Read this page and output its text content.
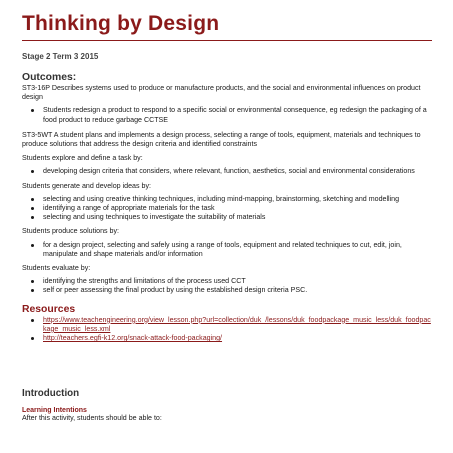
Thinking by Design
Stage 2 Term 3 2015
Outcomes:

ST3-16P Describes systems used to produce or manufacture products, and the social and environmental influences on product design

Students redesign a product to respond to a specific social or environmental consequence, eg redesign the packaging of a food product to reduce garbage CCTSE

ST3-5WT A student plans and implements a design process, selecting a range of tools, equipment, materials and techniques to produce solutions that address the design criteria and identified constraints

Students explore and define a task by:

developing design criteria that considers, where relevant, function, aesthetics, social and environmental considerations

Students generate and develop ideas by:

selecting and using creative thinking techniques, including mind-mapping, brainstorming, sketching and modelling
identifying a range of appropriate materials for the task
selecting and using techniques to investigate the suitability of materials

Students produce solutions by:

for a design project, selecting and safely using a range of tools, equipment and related techniques to cut, edit, join, manipulate and shape materials and/or information

Students evaluate by:

identifying the strengths and limitations of the process used CCT
self or peer assessing the final product by using the established design criteria PSC.
Resources
https://www.teachengineering.org/view_lesson.php?url=collection/duk_/lessons/duk_foodpackage_music_less/duk_foodpackage_music_less.xml
http://teachers.egfi-k12.org/snack-attack-food-packaging/
Introduction
Learning Intentions

After this activity, students should be able to:
